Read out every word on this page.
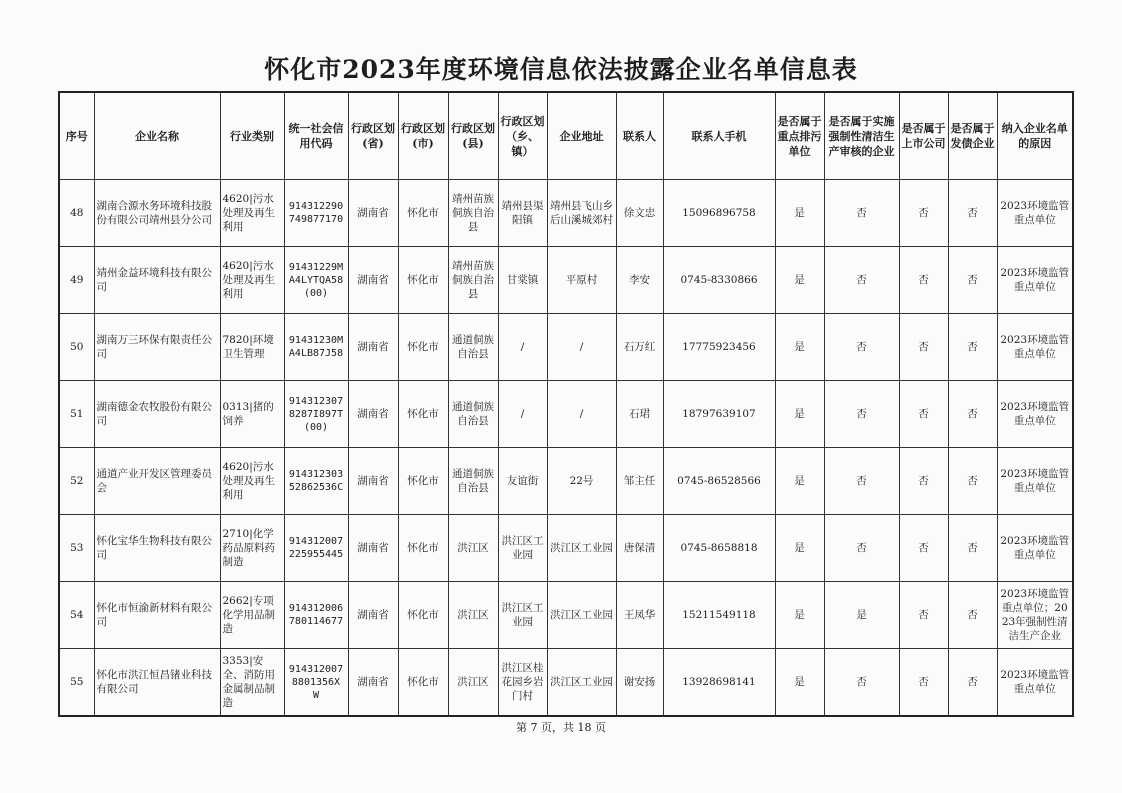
怀化市2023年度环境信息依法披露企业名单信息表
序号	企业名称	行业类别	统一社会信用代码	行政区划(省)	行政区划(市)	行政区划(县)	行政区划（乡、镇）	企业地址	联系人	联系人手机	是否属于重点排污单位	是否属于实施强制性清洁生产审核的企业	是否属于上市公司	是否属于发债企业	纳入企业名单的原因
48	湖南合源水务环境科技股份有限公司靖州县分公司	4620|污水处理及再生利用	914312290749877170	湖南省	怀化市	靖州苗族侗族自治县	靖州县渠阳镇	靖州县飞山乡后山溪城郊村	徐文忠	15096896758	是	否	否	否	2023环境监管重点单位
49	靖州金益环境科技有限公司	4620|污水处理及再生利用	91431229MA4LYTQA58(00)	湖南省	怀化市	靖州苗族侗族自治县	甘棠镇	平原村	李安	0745-8330866	是	否	否	否	2023环境监管重点单位
50	湖南万三环保有限责任公司	7820|环境卫生管理	91431230MA4LB87J58	湖南省	怀化市	通道侗族自治县	/	/	石万红	17775923456	是	否	否	否	2023环境监管重点单位
51	湖南德金农牧股份有限公司	0313|猪的饲养	9143123078287I897T(00)	湖南省	怀化市	通道侗族自治县	/	/	石珺	18797639107	是	否	否	否	2023环境监管重点单位
52	通道产业开发区管理委员会	4620|污水处理及再生利用	914312303528625​36C	湖南省	怀化市	通道侗族自治县	友谊街	22号	邹主任	0745-86528566	是	否	否	否	2023环境监管重点单位
53	怀化宝华生物科技有限公司	2710|化学药品原料药制造	914312007225955445	湖南省	怀化市	洪江区	洪江区工业园	洪江区工业园	唐保清	0745-8658818	是	否	否	否	2023环境监管重点单位
54	怀化市恒渝新材料有限公司	2662|专项化学用品制造	914312006780114677	湖南省	怀化市	洪江区	洪江区工业园	洪江区工业园	王凤华	15211549118	是	是	否	否	2023环境监管重点单位；2023年强制性清洁生产企业
55	怀化市洪江恒昌锗业科技有限公司	3353|安全、消防用金属制品制造	9143120078801356X W	湖南省	怀化市	洪江区	洪江区桂花园乡岩门村	洪江区工业园	谢安扬	13928698141	是	否	否	否	2023环境监管重点单位
第 7 页，共 18 页
